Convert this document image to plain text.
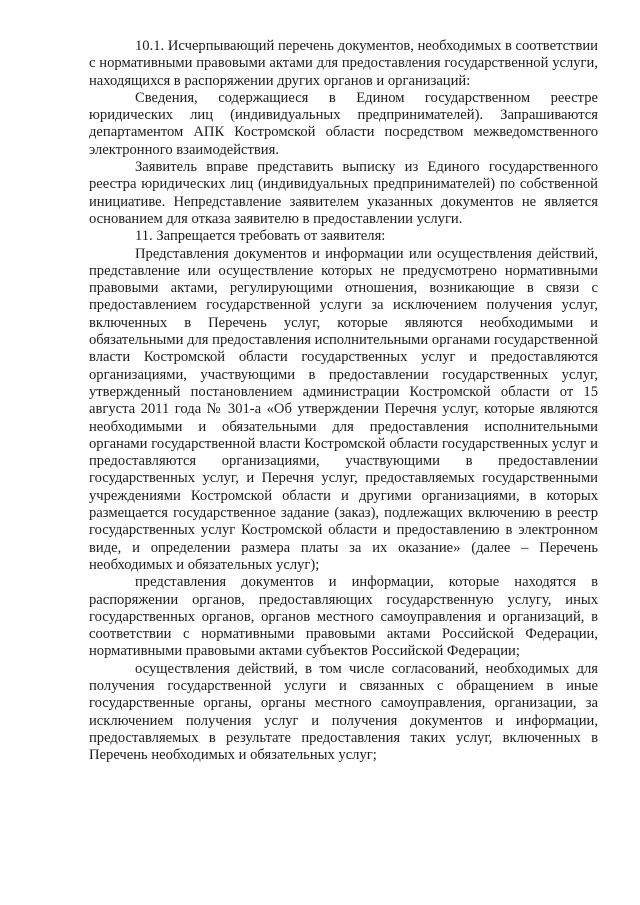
10.1. Исчерпывающий перечень документов, необходимых в соответствии с нормативными правовыми актами для предоставления государственной услуги, находящихся в распоряжении других органов и организаций:

Сведения, содержащиеся в Едином государственном реестре юридических лиц (индивидуальных предпринимателей). Запрашиваются департаментом АПК Костромской области посредством межведомственного электронного взаимодействия.

Заявитель вправе представить выписку из Единого государственного реестра юридических лиц (индивидуальных предпринимателей) по собственной инициативе. Непредставление заявителем указанных документов не является основанием для отказа заявителю в предоставлении услуги.

11. Запрещается требовать от заявителя:

Представления документов и информации или осуществления действий, представление или осуществление которых не предусмотрено нормативными правовыми актами, регулирующими отношения, возникающие в связи с предоставлением государственной услуги за исключением получения услуг, включенных в Перечень услуг, которые являются необходимыми и обязательными для предоставления исполнительными органами государственной власти Костромской области государственных услуг и предоставляются организациями, участвующими в предоставлении государственных услуг, утвержденный постановлением администрации Костромской области от 15 августа 2011 года № 301-а «Об утверждении Перечня услуг, которые являются необходимыми и обязательными для предоставления исполнительными органами государственной власти Костромской области государственных услуг и предоставляются организациями, участвующими в предоставлении государственных услуг, и Перечня услуг, предоставляемых государственными учреждениями Костромской области и другими организациями, в которых размещается государственное задание (заказ), подлежащих включению в реестр государственных услуг Костромской области и предоставлению в электронном виде, и определении размера платы за их оказание» (далее – Перечень необходимых и обязательных услуг);

представления документов и информации, которые находятся в распоряжении органов, предоставляющих государственную услугу, иных государственных органов, органов местного самоуправления и организаций, в соответствии с нормативными правовыми актами Российской Федерации, нормативными правовыми актами субъектов Российской Федерации;

осуществления действий, в том числе согласований, необходимых для получения государственной услуги и связанных с обращением в иные государственные органы, органы местного самоуправления, организации, за исключением получения услуг и получения документов и информации, предоставляемых в результате предоставления таких услуг, включенных в Перечень необходимых и обязательных услуг;
